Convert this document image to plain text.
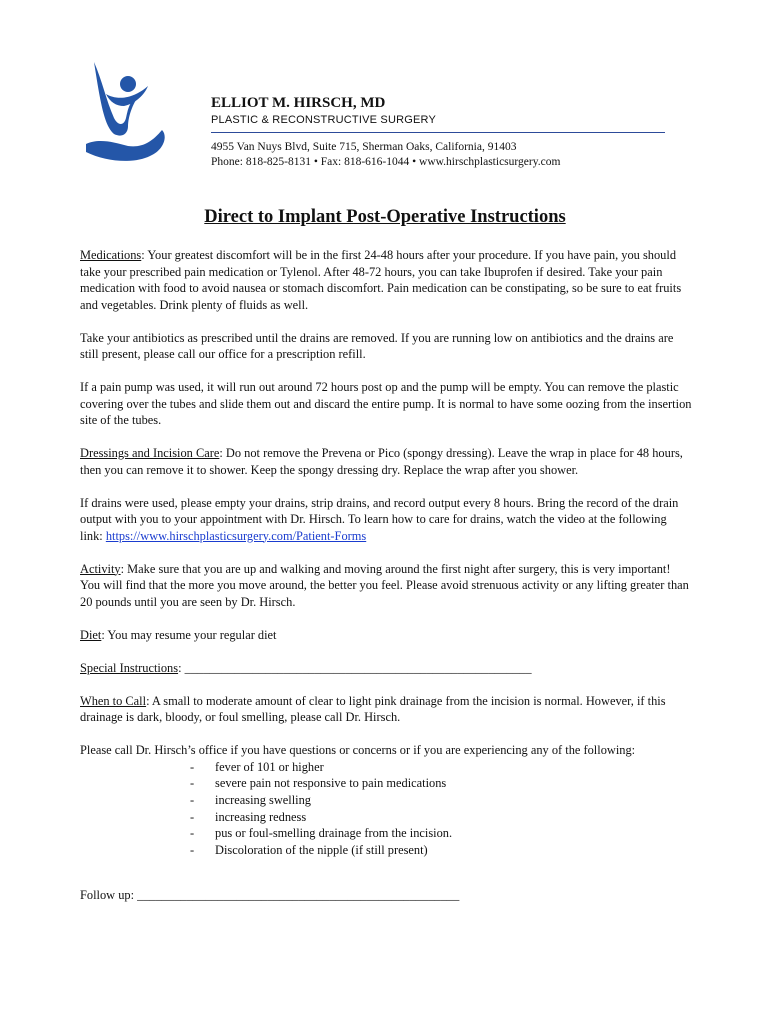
ELLIOT M. HIRSCH, MD
PLASTIC & RECONSTRUCTIVE SURGERY
4955 Van Nuys Blvd, Suite 715, Sherman Oaks, California, 91403
Phone: 818-825-8131 • Fax: 818-616-1044 • www.hirschplasticsurgery.com
Direct to Implant Post-Operative Instructions

Medications: Your greatest discomfort will be in the first 24-48 hours after your procedure. If you have pain, you should take your prescribed pain medication or Tylenol. After 48-72 hours, you can take Ibuprofen if desired. Take your pain medication with food to avoid nausea or stomach discomfort. Pain medication can be constipating, so be sure to eat fruits and vegetables. Drink plenty of fluids as well.

Take your antibiotics as prescribed until the drains are removed. If you are running low on antibiotics and the drains are still present, please call our office for a prescription refill.

If a pain pump was used, it will run out around 72 hours post op and the pump will be empty. You can remove the plastic covering over the tubes and slide them out and discard the entire pump. It is normal to have some oozing from the insertion site of the tubes.

Dressings and Incision Care: Do not remove the Prevena or Pico (spongy dressing). Leave the wrap in place for 48 hours, then you can remove it to shower. Keep the spongy dressing dry. Replace the wrap after you shower.

If drains were used, please empty your drains, strip drains, and record output every 8 hours. Bring the record of the drain output with you to your appointment with Dr. Hirsch. To learn how to care for drains, watch the video at the following link: https://www.hirschplasticsurgery.com/Patient-Forms

Activity: Make sure that you are up and walking and moving around the first night after surgery, this is very important! You will find that the more you move around, the better you feel. Please avoid strenuous activity or any lifting greater than 20 pounds until you are seen by Dr. Hirsch.

Diet: You may resume your regular diet

Special Instructions: ________________________________________________________

When to Call: A small to moderate amount of clear to light pink drainage from the incision is normal. However, if this drainage is dark, bloody, or foul smelling, please call Dr. Hirsch.

Please call Dr. Hirsch’s office if you have questions or concerns or if you are experiencing any of the following:

- fever of 101 or higher
- severe pain not responsive to pain medications
- increasing swelling
- increasing redness
- pus or foul-smelling drainage from the incision.
- Discoloration of the nipple (if still present)

Follow up: ____________________________________________________
